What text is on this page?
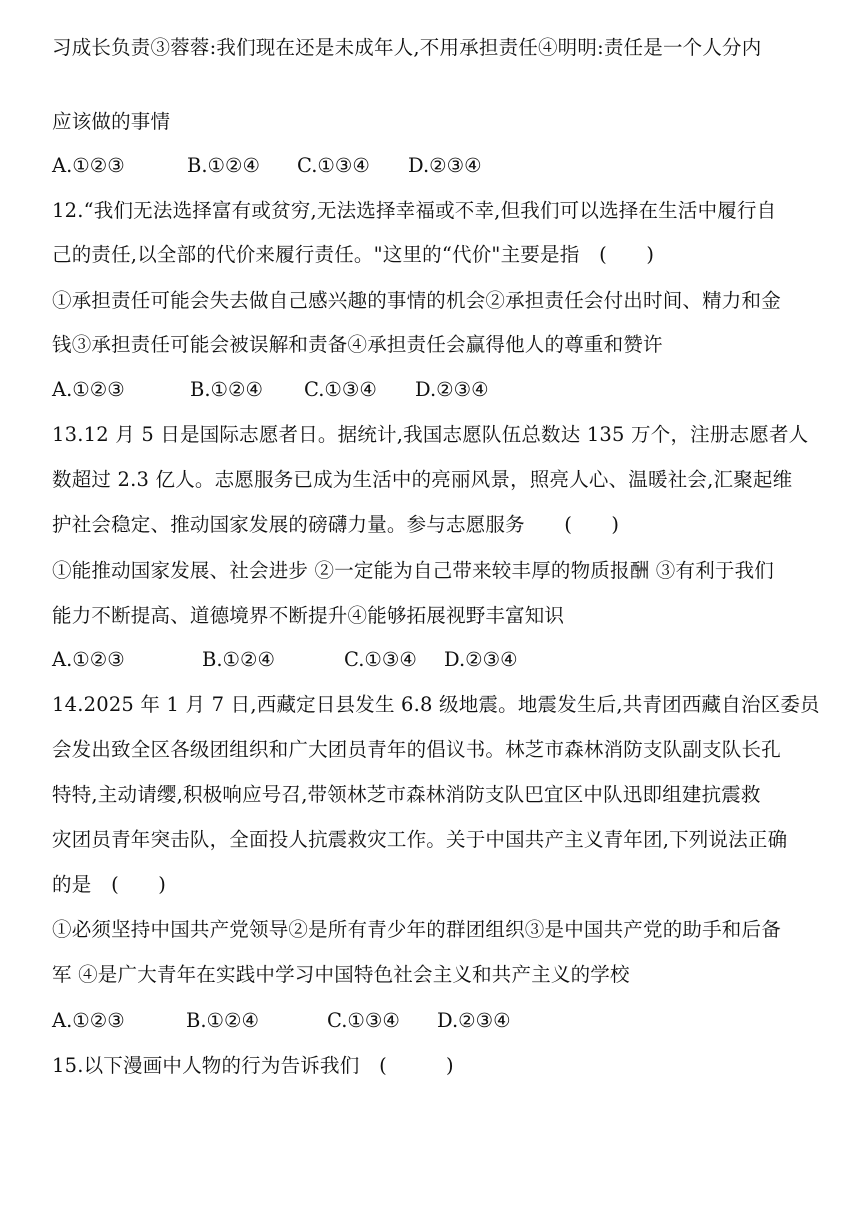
习成长负责③蓉蓉:我们现在还是未成年人,不用承担责任④明明:责任是一个人分内
应该做的事情
A.①②③	B.①②④ C.①③④ D.②③④
12.“我们无法选择富有或贫穷,无法选择幸福或不幸,但我们可以选择在生活中履行自
己的责任,以全部的代价来履行责任。"这里的“代价"主要是指　(　　)
①承担责任可能会失去做自己感兴趣的事情的机会②承担责任会付出时间、精力和金
钱③承担责任可能会被误解和责备④承担责任会赢得他人的尊重和赞许
A.①②③	B.①②④ C.①③④ D.②③④
13.12 月 5 日是国际志愿者日。据统计,我国志愿队伍总数达 135 万个，注册志愿者人
数超过 2.3 亿人。志愿服务已成为生活中的亮丽风景，照亮人心、温暖社会,汇聚起维
护社会稳定、推动国家发展的磅礴力量。参与志愿服务　　(　　)
①能推动国家发展、社会进步 ②一定能为自己带来较丰厚的物质报酬 ③有利于我们
能力不断提高、道德境界不断提升④能够拓展视野丰富知识
A.①②③	B.①②④	C.①③④ D.②③④
14.2025 年 1 月 7 日,西藏定日县发生 6.8 级地震。地震发生后,共青团西藏自治区委员
会发出致全区各级团组织和广大团员青年的倡议书。林芝市森林消防支队副支队长孔
特特,主动请缨,积极响应号召,带领林芝市森林消防支队巴宜区中队迅即组建抗震救
灾团员青年突击队，全面投人抗震救灾工作。关于中国共产主义青年团,下列说法正确
的是　(　　)
①必须坚持中国共产党领导②是所有青少年的群团组织③是中国共产党的助手和后备
军 ④是广大青年在实践中学习中国特色社会主义和共产主义的学校
A.①②③	B.①②④	C.①③④ D.②③④
15.以下漫画中人物的行为告诉我们　(　　　)
